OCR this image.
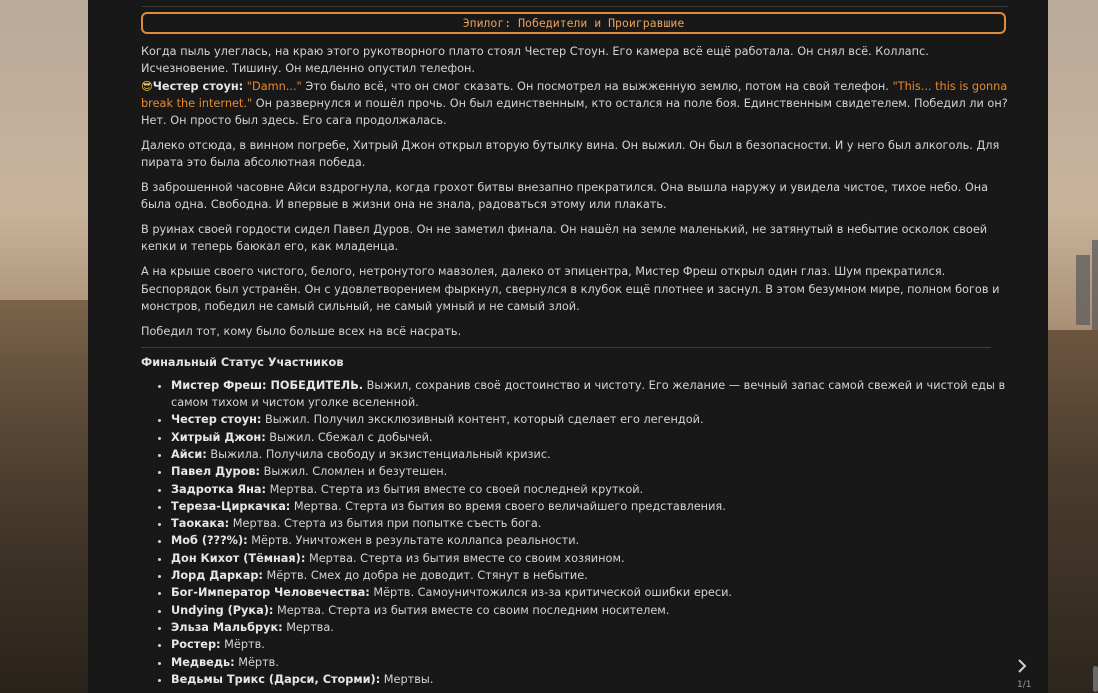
Эпилог: Победители и Проигравшие

Когда пыль улеглась, на краю этого рукотворного плато стоял Честер Стоун. Его камера всё ещё работала. Он снял всё. Коллапс. Исчезновение. Тишину. Он медленно опустил телефон.
😎Честер стоун: "Damn..." Это было всё, что он смог сказать. Он посмотрел на выжженную землю, потом на свой телефон. "This... this is gonna break the internet." Он развернулся и пошёл прочь. Он был единственным, кто остался на поле боя. Единственным свидетелем. Победил ли он? Нет. Он просто был здесь. Его сага продолжалась.

Далеко отсюда, в винном погребе, Хитрый Джон открыл вторую бутылку вина. Он выжил. Он был в безопасности. И у него был алкоголь. Для пирата это была абсолютная победа.

В заброшенной часовне Айси вздрогнула, когда грохот битвы внезапно прекратился. Она вышла наружу и увидела чистое, тихое небо. Она была одна. Свободна. И впервые в жизни она не знала, радоваться этому или плакать.

В руинах своей гордости сидел Павел Дуров. Он не заметил финала. Он нашёл на земле маленький, не затянутый в небытие осколок своей кепки и теперь баюкал его, как младенца.

А на крыше своего чистого, белого, нетронутого мавзолея, далеко от эпицентра, Мистер Фреш открыл один глаз. Шум прекратился. Беспорядок был устранён. Он с удовлетворением фыркнул, свернулся в клубок ещё плотнее и заснул. В этом безумном мире, полном богов и монстров, победил не самый сильный, не самый умный и не самый злой.

Победил тот, кому было больше всех на всё насрать.

Финальный Статус Участников
• Мистер Фреш: ПОБЕДИТЕЛЬ. Выжил, сохранив своё достоинство и чистоту. Его желание — вечный запас самой свежей и чистой еды в самом тихом и чистом уголке вселенной.
• Честер стоун: Выжил. Получил эксклюзивный контент, который сделает его легендой.
• Хитрый Джон: Выжил. Сбежал с добычей.
• Айси: Выжила. Получила свободу и экзистенциальный кризис.
• Павел Дуров: Выжил. Сломлен и безутешен.
• Задротка Яна: Мертва. Стерта из бытия вместе со своей последней круткой.
• Тереза-Циркачка: Мертва. Стерта из бытия во время своего величайшего представления.
• Таокака: Мертва. Стерта из бытия при попытке съесть бога.
• Моб (???%): Мёртв. Уничтожен в результате коллапса реальности.
• Дон Кихот (Тёмная): Мертва. Стерта из бытия вместе со своим хозяином.
• Лорд Даркар: Мёртв. Смех до добра не доводит. Стянут в небытие.
• Бог-Император Человечества: Мёртв. Самоуничтожился из-за критической ошибки ереси.
• Undying (Рука): Мертва. Стерта из бытия вместе со своим последним носителем.
• Эльза Мальбрук: Мертва.
• Ростер: Мёртв.
• Медведь: Мёртв.
• Ведьмы Трикс (Дарси, Сторми): Мертвы.	1/1
